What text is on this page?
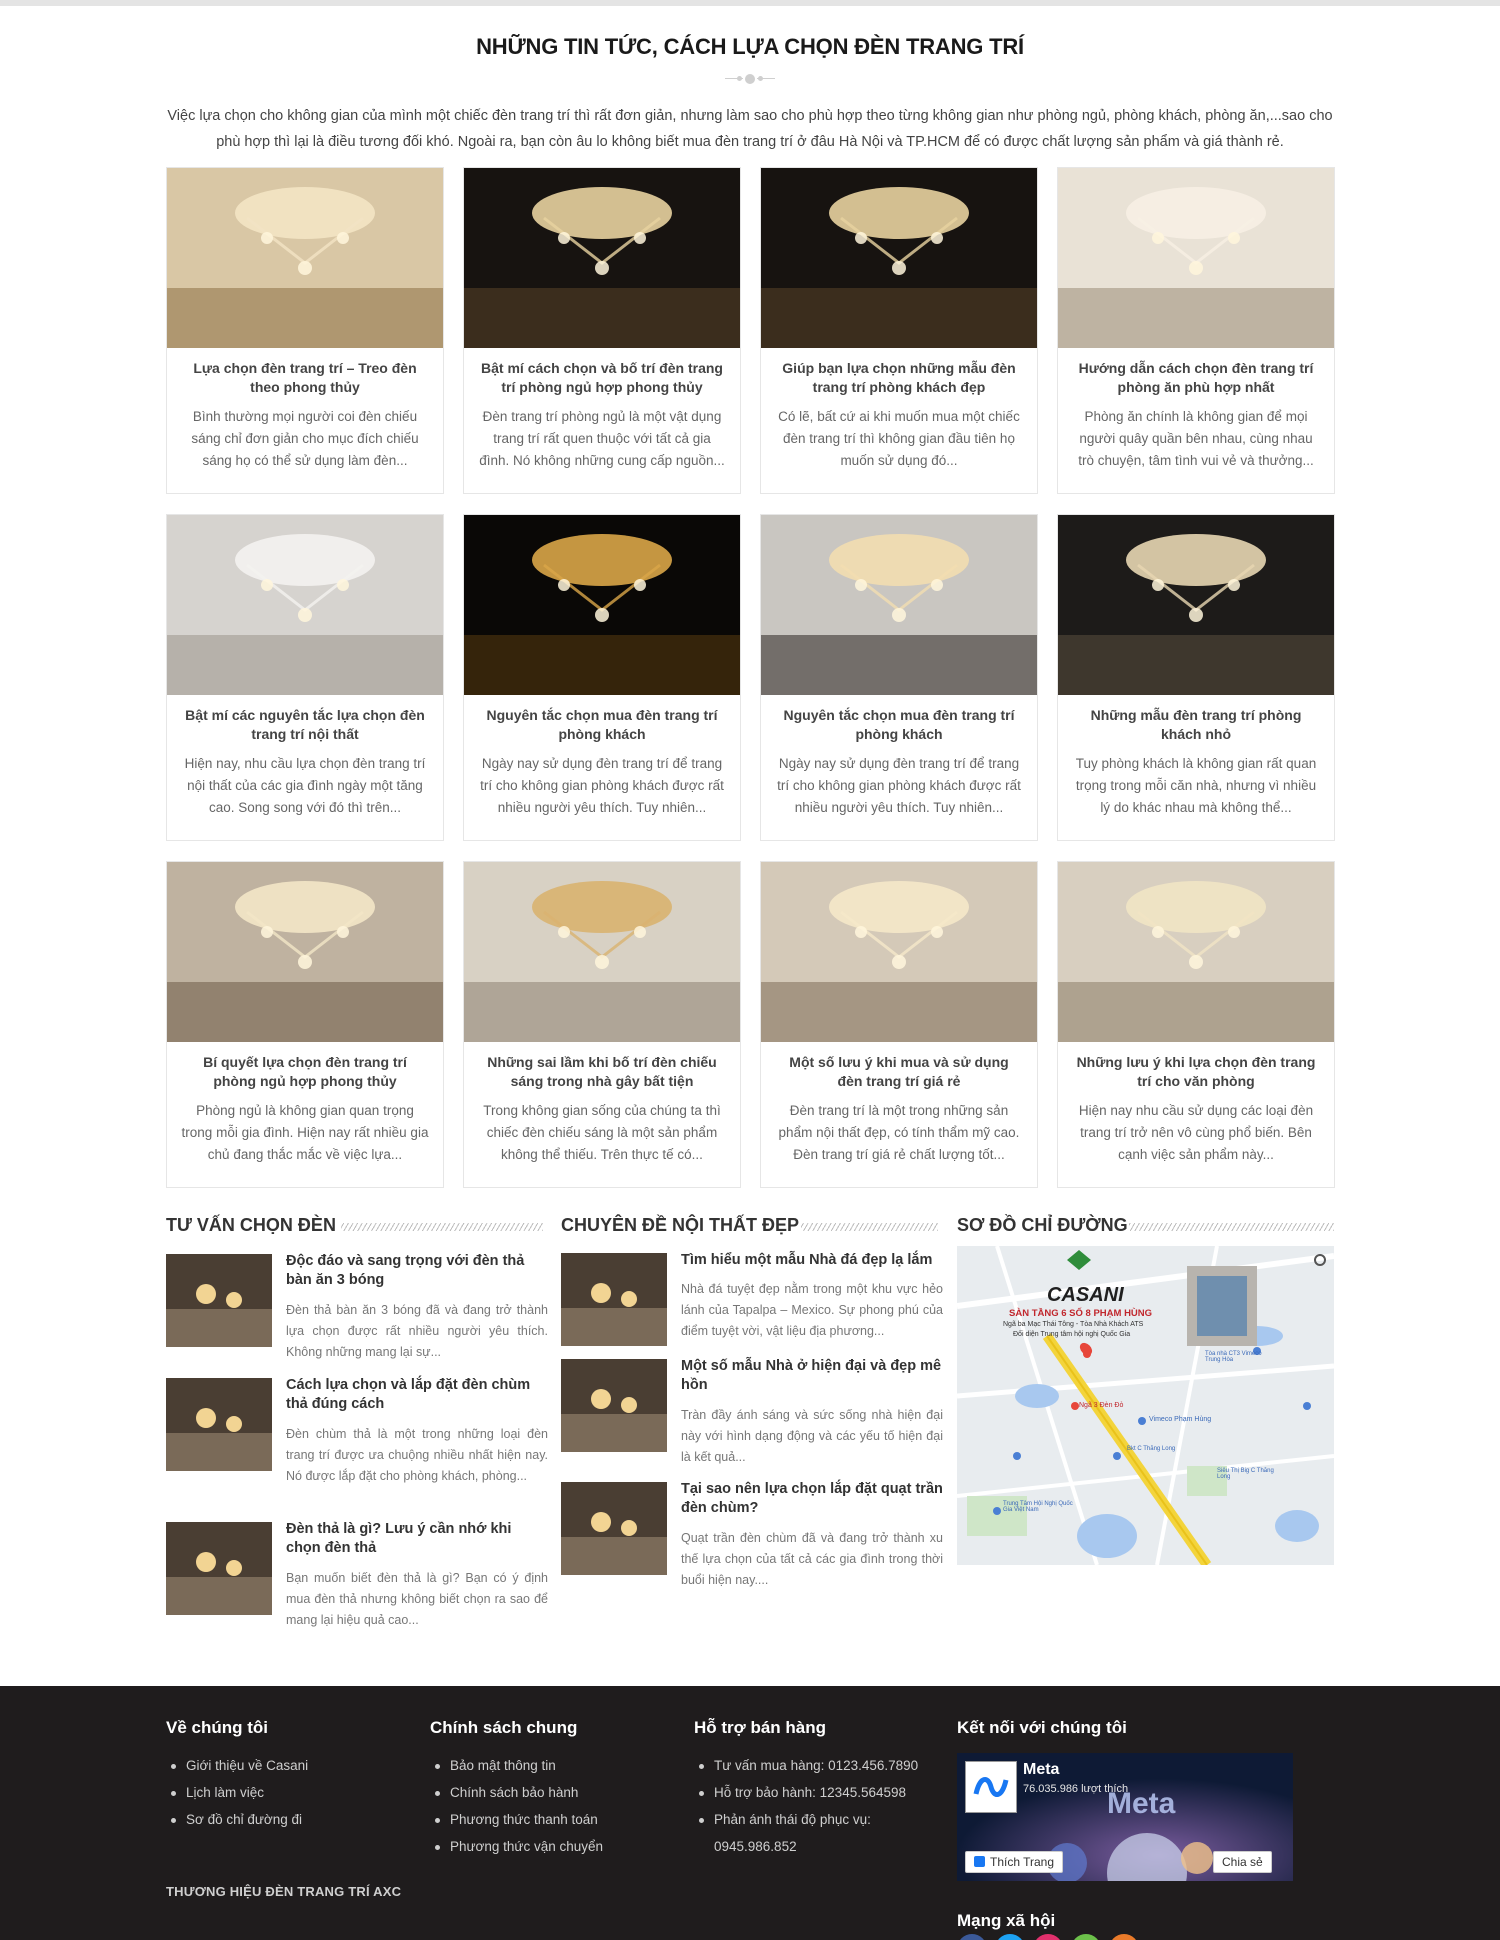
NHỮNG TIN TỨC, CÁCH LỰA CHỌN ĐÈN TRANG TRÍ

Việc lựa chọn cho không gian của mình một chiếc đèn trang trí thì rất đơn giản, nhưng làm sao cho phù hợp theo từng không gian như phòng ngủ, phòng khách, phòng ăn,...sao cho phù hợp thì lại là điều tương đối khó. Ngoài ra, bạn còn âu lo không biết mua đèn trang trí ở đâu Hà Nội và TP.HCM để có được chất lượng sản phẩm và giá thành rẻ.

Lựa chọn đèn trang trí – Treo đèn theo phong thủy
Bình thường mọi người coi đèn chiếu sáng chỉ đơn giản cho mục đích chiếu sáng họ có thể sử dụng làm đèn...
Bật mí cách chọn và bố trí đèn trang trí phòng ngủ hợp phong thủy
Đèn trang trí phòng ngủ là một vật dụng trang trí rất quen thuộc với tất cả gia đình. Nó không những cung cấp nguồn...
Giúp bạn lựa chọn những mẫu đèn trang trí phòng khách đẹp
Có lẽ, bất cứ ai khi muốn mua một chiếc đèn trang trí thì không gian đầu tiên họ muốn sử dụng đó...
Hướng dẫn cách chọn đèn trang trí phòng ăn phù hợp nhất
Phòng ăn chính là không gian để mọi người quây quần bên nhau, cùng nhau trò chuyện, tâm tình vui vẻ và thưởng...
Bật mí các nguyên tắc lựa chọn đèn trang trí nội thất
Hiện nay, nhu cầu lựa chọn đèn trang trí nội thất của các gia đình ngày một tăng cao. Song song với đó thì trên...
Nguyên tắc chọn mua đèn trang trí phòng khách
Ngày nay sử dụng đèn trang trí để trang trí cho không gian phòng khách được rất nhiều người yêu thích. Tuy nhiên...
Nguyên tắc chọn mua đèn trang trí phòng khách
Ngày nay sử dụng đèn trang trí để trang trí cho không gian phòng khách được rất nhiều người yêu thích. Tuy nhiên...
Những mẫu đèn trang trí phòng khách nhỏ
Tuy phòng khách là không gian rất quan trọng trong mỗi căn nhà, nhưng vì nhiều lý do khác nhau mà không thể...
Bí quyết lựa chọn đèn trang trí phòng ngủ hợp phong thủy
Phòng ngủ là không gian quan trọng trong mỗi gia đình. Hiện nay rất nhiều gia chủ đang thắc mắc về việc lựa...
Những sai lầm khi bố trí đèn chiếu sáng trong nhà gây bất tiện
Trong không gian sống của chúng ta thì chiếc đèn chiếu sáng là một sản phẩm không thể thiếu. Trên thực tế có...
Một số lưu ý khi mua và sử dụng đèn trang trí giá rẻ
Đèn trang trí là một trong những sản phẩm nội thất đẹp, có tính thẩm mỹ cao. Đèn trang trí giá rẻ chất lượng tốt...
Những lưu ý khi lựa chọn đèn trang trí cho văn phòng
Hiện nay nhu cầu sử dụng các loại đèn trang trí trở nên vô cùng phổ biến. Bên cạnh việc sản phẩm này...
TƯ VẤN CHỌN ĐÈN
Độc đáo và sang trọng với đèn thả bàn ăn 3 bóng
Đèn thả bàn ăn 3 bóng đã và đang trở thành lựa chọn được rất nhiều người yêu thích. Không những mang lại sự...
Cách lựa chọn và lắp đặt đèn chùm thả đúng cách
Đèn chùm thả là một trong những loại đèn trang trí được ưa chuộng nhiều nhất hiện nay. Nó được lắp đặt cho phòng khách, phòng...
Đèn thả là gì? Lưu ý cần nhớ khi chọn đèn thả
Bạn muốn biết đèn thả là gì? Bạn có ý định mua đèn thả nhưng không biết chọn ra sao để mang lại hiệu quả cao...
CHUYÊN ĐỀ NỘI THẤT ĐẸP
Tìm hiểu một mẫu Nhà đá đẹp lạ lắm
Nhà đá tuyệt đẹp nằm trong một khu vực hẻo lánh của Tapalpa – Mexico. Sự phong phú của điểm tuyệt vời, vật liệu địa phương...
Một số mẫu Nhà ở hiện đại và đẹp mê hồn
Tràn đầy ánh sáng và sức sống nhà hiện đại này với hình dạng động và các yếu tố hiện đại là kết quả...
Tại sao nên lựa chọn lắp đặt quạt trần đèn chùm?
Quạt trần đèn chùm đã và đang trở thành xu thế lựa chọn của tất cả các gia đình trong thời buổi hiện nay....
SƠ ĐỒ CHỈ ĐƯỜNG
CASANI
SÀN TẦNG 6 SỐ 8 PHẠM HÙNG
Ngã ba Mạc Thái Tông - Tòa Nhà Khách ATS
Đối diện Trung tâm hội nghị Quốc Gia
Ngã 3 Đèn Đỏ
Vimeco Phạm Hùng
Siêu Thị Big C Thăng Long
Trung Tâm Hội Nghị Quốc Gia Việt Nam
Tòa nhà CT3 Vimeco Trung Hòa
Bkt C Thăng Long
Về chúng tôi
Giới thiệu về Casani
Lịch làm việc
Sơ đồ chỉ đường đi
Chính sách chung
Bảo mật thông tin
Chính sách bảo hành
Phương thức thanh toán
Phương thức vận chuyển
Hỗ trợ bán hàng
Tư vấn mua hàng: 0123.456.7890
Hỗ trợ bảo hành: 12345.564598
Phản ánh thái độ phục vụ:
0945.986.852
Kết nối với chúng tôi
Meta
76.035.986 lượt thích
Meta
Thích Trang	Chia sẻ
THƯƠNG HIỆU ĐÈN TRANG TRÍ AXC
Mạng xã hội
